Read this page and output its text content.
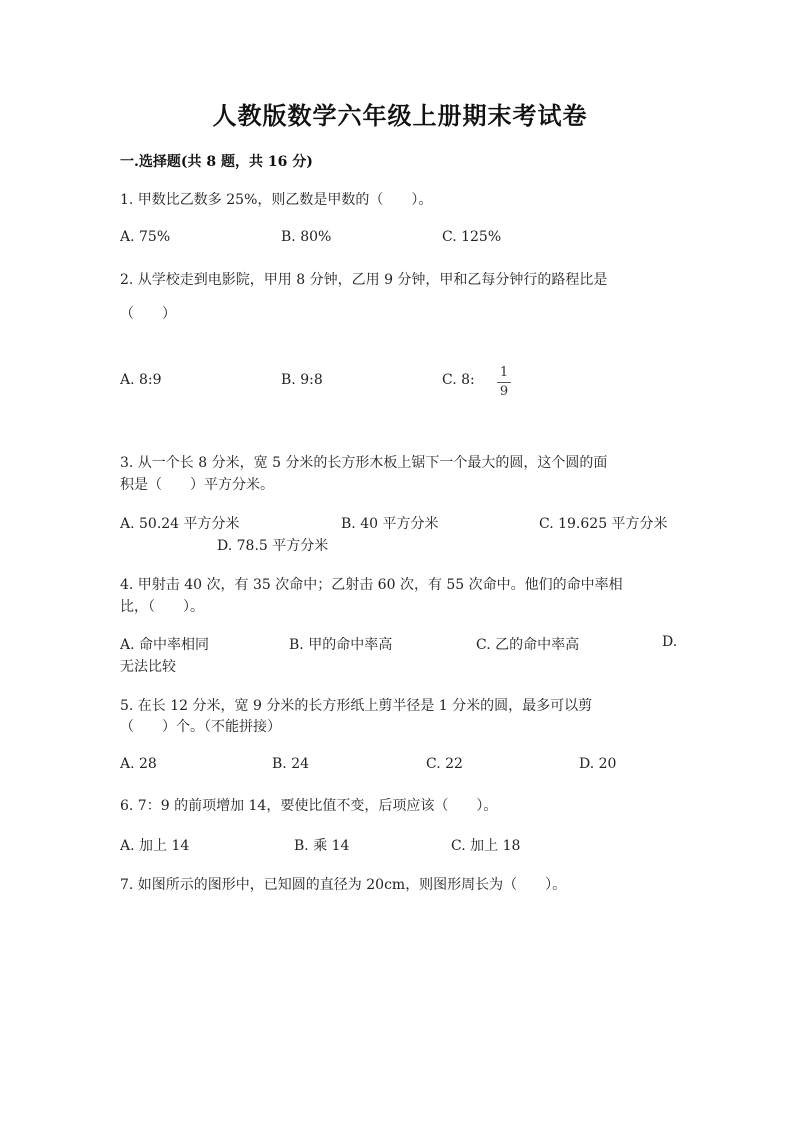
人教版数学六年级上册期末考试卷
一.选择题(共 8 题，共 16 分)
1. 甲数比乙数多 25%，则乙数是甲数的（　　）。
A. 75%	B. 80%	C. 125%
2. 从学校走到电影院，甲用 8 分钟，乙用 9 分钟，甲和乙每分钟行的路程比是
（　　）
A. 8:9	B. 9:8	C. 8: 1
9
3. 从一个长 8 分米，宽 5 分米的长方形木板上锯下一个最大的圆，这个圆的面
积是（　　）平方分米。
A. 50.24 平方分米	B. 40 平方分米	C. 19.625 平方分米
D. 78.5 平方分米
4. 甲射击 40 次，有 35 次命中；乙射击 60 次，有 55 次命中。他们的命中率相
比，（　　）。
A. 命中率相同	B. 甲的命中率高	C. 乙的命中率高	D.
无法比较
5. 在长 12 分米，宽 9 分米的长方形纸上剪半径是 1 分米的圆，最多可以剪
（　　）个。（不能拼接）
A. 28	B. 24	C. 22	D. 20
6. 7：9 的前项增加 14，要使比值不变，后项应该（　　）。
A. 加上 14	B. 乘 14	C. 加上 18
7. 如图所示的图形中，已知圆的直径为 20cm，则图形周长为（　　）。
